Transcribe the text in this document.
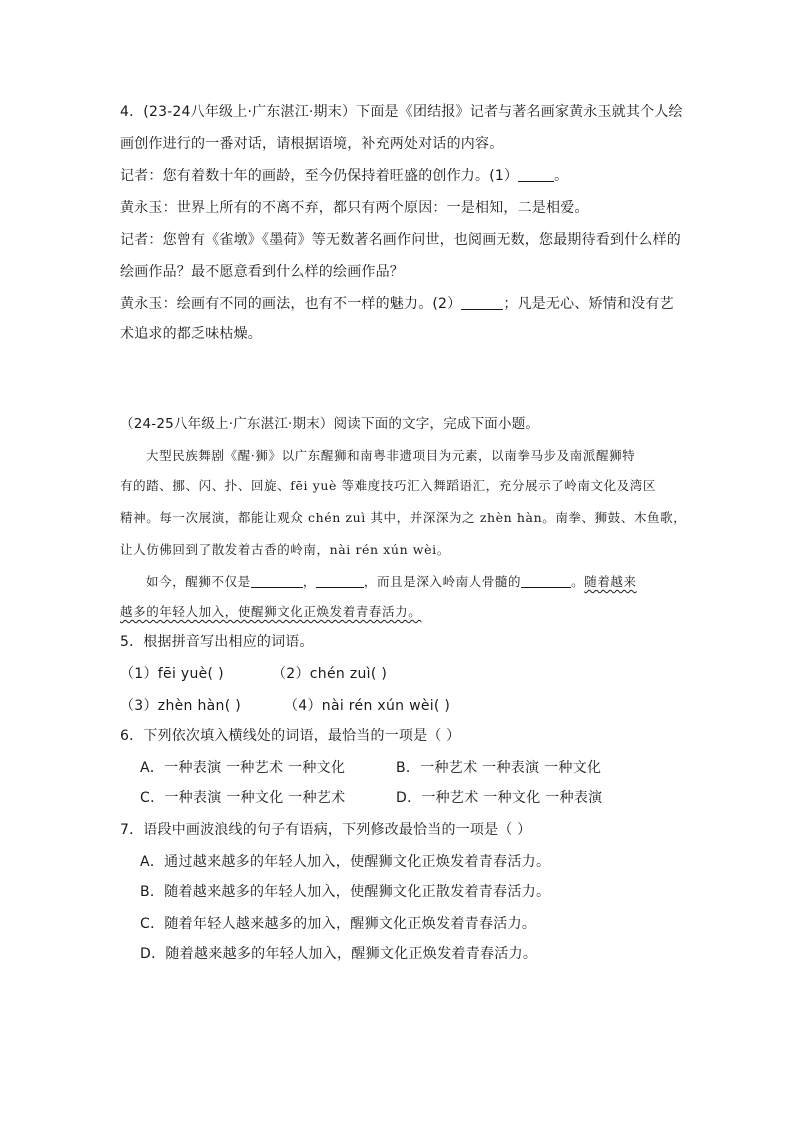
4．(23-24八年级上·广东湛江·期末）下面是《团结报》记者与著名画家黄永玉就其个人绘
画创作进行的一番对话，请根据语境，补充两处对话的内容。
记者：您有着数十年的画龄，至今仍保持着旺盛的创作力。(1）	。
黄永玉：世界上所有的不离不弃，都只有两个原因：一是相知，二是相爱。
记者：您曾有《雀墩》《墨荷》等无数著名画作问世，也阅画无数，您最期待看到什么样的
绘画作品？最不愿意看到什么样的绘画作品？
黄永玉：绘画有不同的画法，也有不一样的魅力。(2）	；凡是无心、矫情和没有艺
术追求的都乏味枯燥。
（24-25八年级上·广东湛江·期末）阅读下面的文字，完成下面小题。
大型民族舞剧《醒·狮》以广东醒狮和南粤非遗项目为元素，以南拳马步及南派醒狮特
有的踏、挪、闪、扑、回旋、fēi yuè 等难度技巧汇入舞蹈语汇，充分展示了岭南文化及湾区
精神。每一次展演，都能让观众 chén zuì 其中，并深深为之 zhèn hàn。南拳、狮鼓、木鱼歌，
让人仿佛回到了散发着古香的岭南，nài rén xún wèi。
如今，醒狮不仅是	，	，而且是深入岭南人骨髓的	。随着越来
越多的年轻人加入，使醒狮文化正焕发着青春活力。
5．根据拼音写出相应的词语。
（1）fēi yuè( )	（2）chén zuì( )
（3）zhèn hàn( )	（4）nài rén xún wèi( )
6．下列依次填入横线处的词语，最恰当的一项是（ ）
A．一种表演 一种艺术 一种文化	B．一种艺术 一种表演 一种文化
C．一种表演 一种文化 一种艺术	D．一种艺术 一种文化 一种表演
7．语段中画波浪线的句子有语病，下列修改最恰当的一项是（ ）
A．通过越来越多的年轻人加入，使醒狮文化正焕发着青春活力。
B．随着越来越多的年轻人加入，使醒狮文化正散发着青春活力。
C．随着年轻人越来越多的加入，醒狮文化正焕发着青春活力。
D．随着越来越多的年轻人加入，醒狮文化正焕发着青春活力。
